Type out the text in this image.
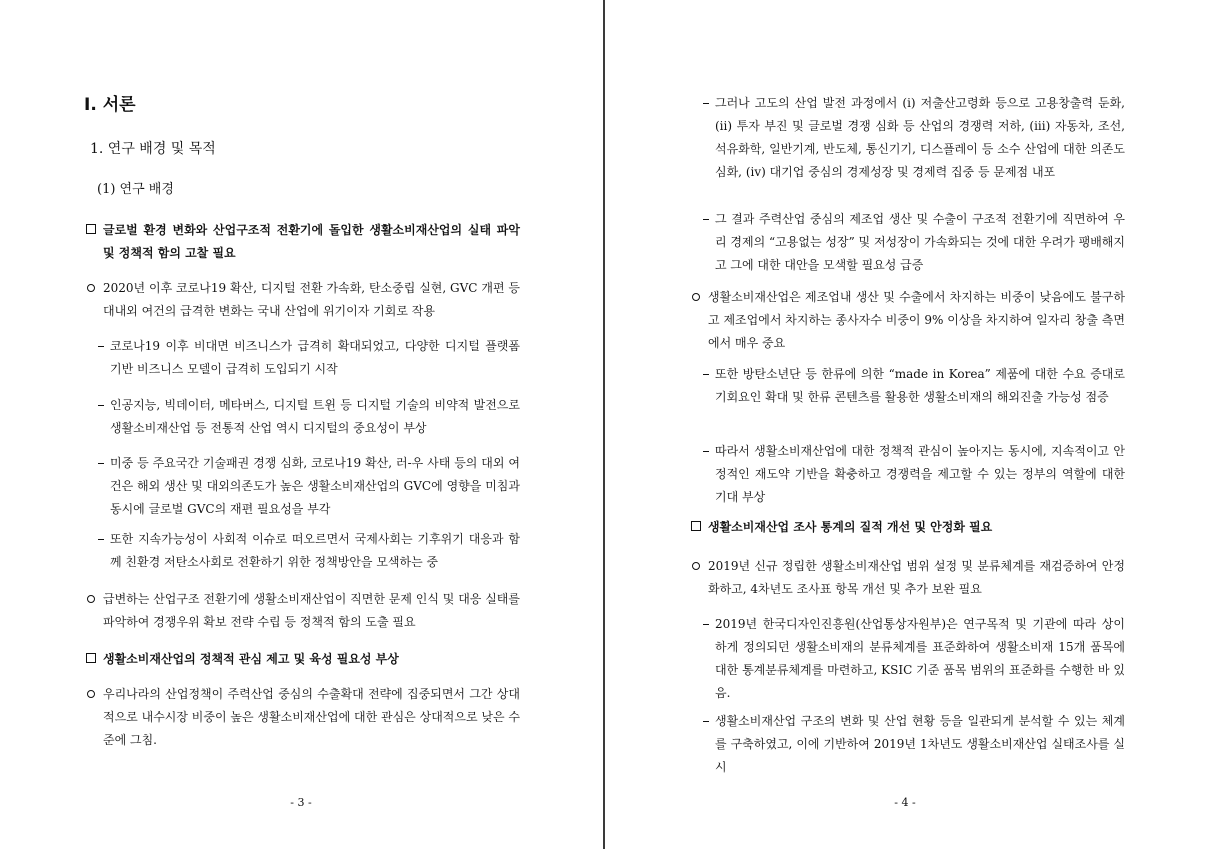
I. 서론
1. 연구 배경 및 목적
(1) 연구 배경
글로벌 환경 변화와 산업구조적 전환기에 돌입한 생활소비재산업의 실태 파악 및 정책적 함의 고찰 필요
2020년 이후 코로나19 확산, 디지털 전환 가속화, 탄소중립 실현, GVC 개편 등 대내외 여건의 급격한 변화는 국내 산업에 위기이자 기회로 작용
코로나19 이후 비대면 비즈니스가 급격히 확대되었고, 다양한 디지털 플랫폼 기반 비즈니스 모델이 급격히 도입되기 시작
인공지능, 빅데이터, 메타버스, 디지털 트윈 등 디지털 기술의 비약적 발전으로 생활소비재산업 등 전통적 산업 역시 디지털의 중요성이 부상
미중 등 주요국간 기술패권 경쟁 심화, 코로나19 확산, 러-우 사태 등의 대외 여건은 해외 생산 및 대외의존도가 높은 생활소비재산업의 GVC에 영향을 미침과 동시에 글로벌 GVC의 재편 필요성을 부각
또한 지속가능성이 사회적 이슈로 떠오르면서 국제사회는 기후위기 대응과 함께 친환경 저탄소사회로 전환하기 위한 정책방안을 모색하는 중
급변하는 산업구조 전환기에 생활소비재산업이 직면한 문제 인식 및 대응 실태를 파악하여 경쟁우위 확보 전략 수립 등 정책적 함의 도출 필요
생활소비재산업의 정책적 관심 제고 및 육성 필요성 부상
우리나라의 산업정책이 주력산업 중심의 수출확대 전략에 집중되면서 그간 상대적으로 내수시장 비중이 높은 생활소비재산업에 대한 관심은 상대적으로 낮은 수준에 그침.
- 3 -
그러나 고도의 산업 발전 과정에서 (i) 저출산고령화 등으로 고용창출력 둔화, (ii) 투자 부진 및 글로벌 경쟁 심화 등 산업의 경쟁력 저하, (iii) 자동차, 조선, 석유화학, 일반기계, 반도체, 통신기기, 디스플레이 등 소수 산업에 대한 의존도 심화, (iv) 대기업 중심의 경제성장 및 경제력 집중 등 문제점 내포
그 결과 주력산업 중심의 제조업 생산 및 수출이 구조적 전환기에 직면하여 우리 경제의 “고용없는 성장” 및 저성장이 가속화되는 것에 대한 우려가 팽배해지고 그에 대한 대안을 모색할 필요성 급증
생활소비재산업은 제조업내 생산 및 수출에서 차지하는 비중이 낮음에도 불구하고 제조업에서 차지하는 종사자수 비중이 9% 이상을 차지하여 일자리 창출 측면에서 매우 중요
또한 방탄소년단 등 한류에 의한 “made in Korea” 제품에 대한 수요 증대로 기회요인 확대 및 한류 콘텐츠를 활용한 생활소비재의 해외진출 가능성 점증
따라서 생활소비재산업에 대한 정책적 관심이 높아지는 동시에, 지속적이고 안정적인 재도약 기반을 확충하고 경쟁력을 제고할 수 있는 정부의 역할에 대한 기대 부상
생활소비재산업 조사 통계의 질적 개선 및 안정화 필요
2019년 신규 정립한 생활소비재산업 범위 설정 및 분류체계를 재검증하여 안정화하고, 4차년도 조사표 항목 개선 및 추가 보완 필요
2019년 한국디자인진흥원(산업통상자원부)은 연구목적 및 기관에 따라 상이하게 정의되던 생활소비재의 분류체계를 표준화하여 생활소비재 15개 품목에 대한 통계분류체계를 마련하고, KSIC 기준 품목 범위의 표준화를 수행한 바 있음.
생활소비재산업 구조의 변화 및 산업 현황 등을 일관되게 분석할 수 있는 체계를 구축하였고, 이에 기반하여 2019년 1차년도 생활소비재산업 실태조사를 실시
- 4 -
